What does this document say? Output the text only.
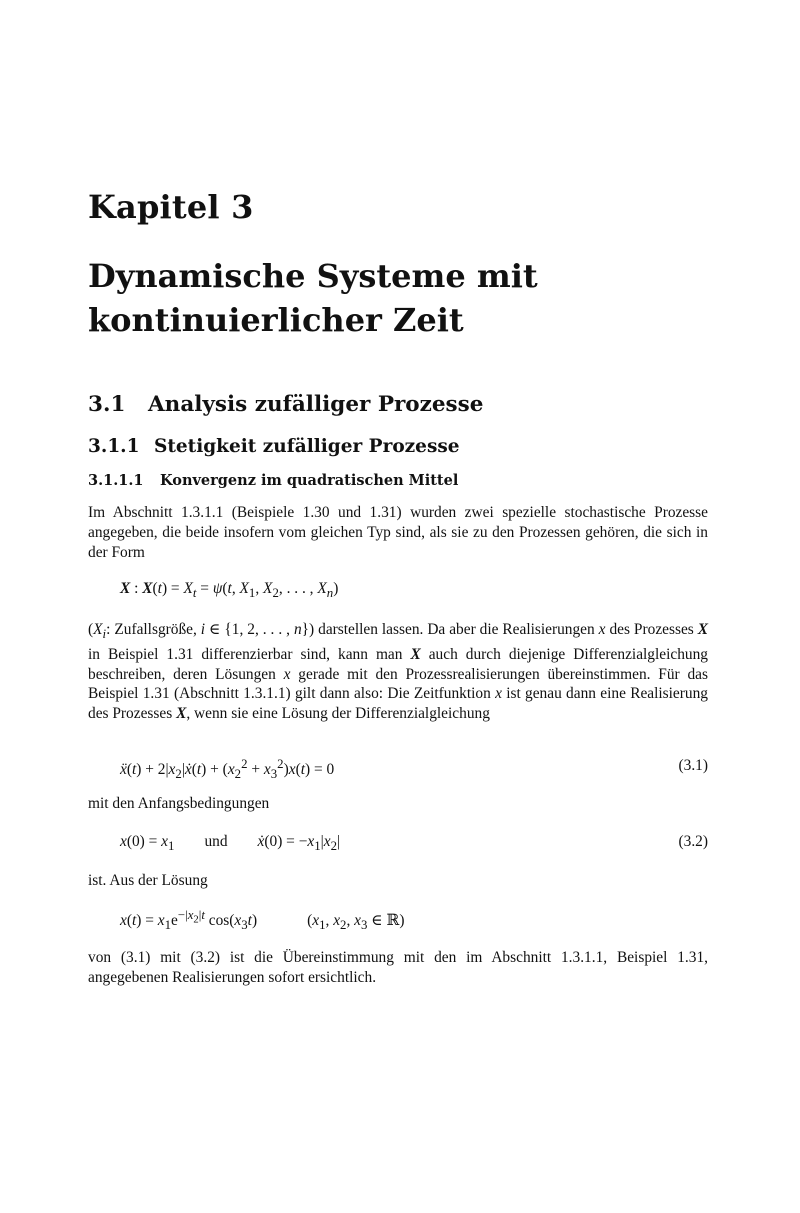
Kapitel 3
Dynamische Systeme mit kontinuierlicher Zeit
3.1 Analysis zufälliger Prozesse
3.1.1 Stetigkeit zufälliger Prozesse
3.1.1.1 Konvergenz im quadratischen Mittel
Im Abschnitt 1.3.1.1 (Beispiele 1.30 und 1.31) wurden zwei spezielle stochastische Prozesse angegeben, die beide insofern vom gleichen Typ sind, als sie zu den Prozessen gehören, die sich in der Form
X : $X(t) = X_t = \psi(t$, $X_1$, $X_2$, . . . , $X_n$)
($X_i$: Zufallsgröße, i ∈ {1, 2, . . . , n}) darstellen lassen. Da aber die Realisierungen x des Prozesses X in Beispiel 1.31 differenzierbar sind, kann man X auch durch diejenige Differenzialgleichung beschreiben, deren Lösungen x gerade mit den Prozessrealisierungen übereinstimmen. Für das Beispiel 1.31 (Abschnitt 1.3.1.1) gilt dann also: Die Zeitfunktion x ist genau dann eine Realisierung des Prozesses X, wenn sie eine Lösung der Differenzialgleichung
ẍ(t) + $2|x_2|ẋ(t) + (x_2^2 + x_3^2)x(t) = 0$	(3.1)
mit den Anfangsbedingungen
$x(0) = x_1$ und ẋ(0) = $-x_1|x_2|$	(3.2)
ist. Aus der Lösung
$x(t) = x_1e^{-|x_2|t}$ $\cos(x_3t)$	($x_1$, $x_2$, $x_3$ ∈ ℝ)
von (3.1) mit (3.2) ist die Übereinstimmung mit den im Abschnitt 1.3.1.1, Beispiel 1.31, angegebenen Realisierungen sofort ersichtlich.
